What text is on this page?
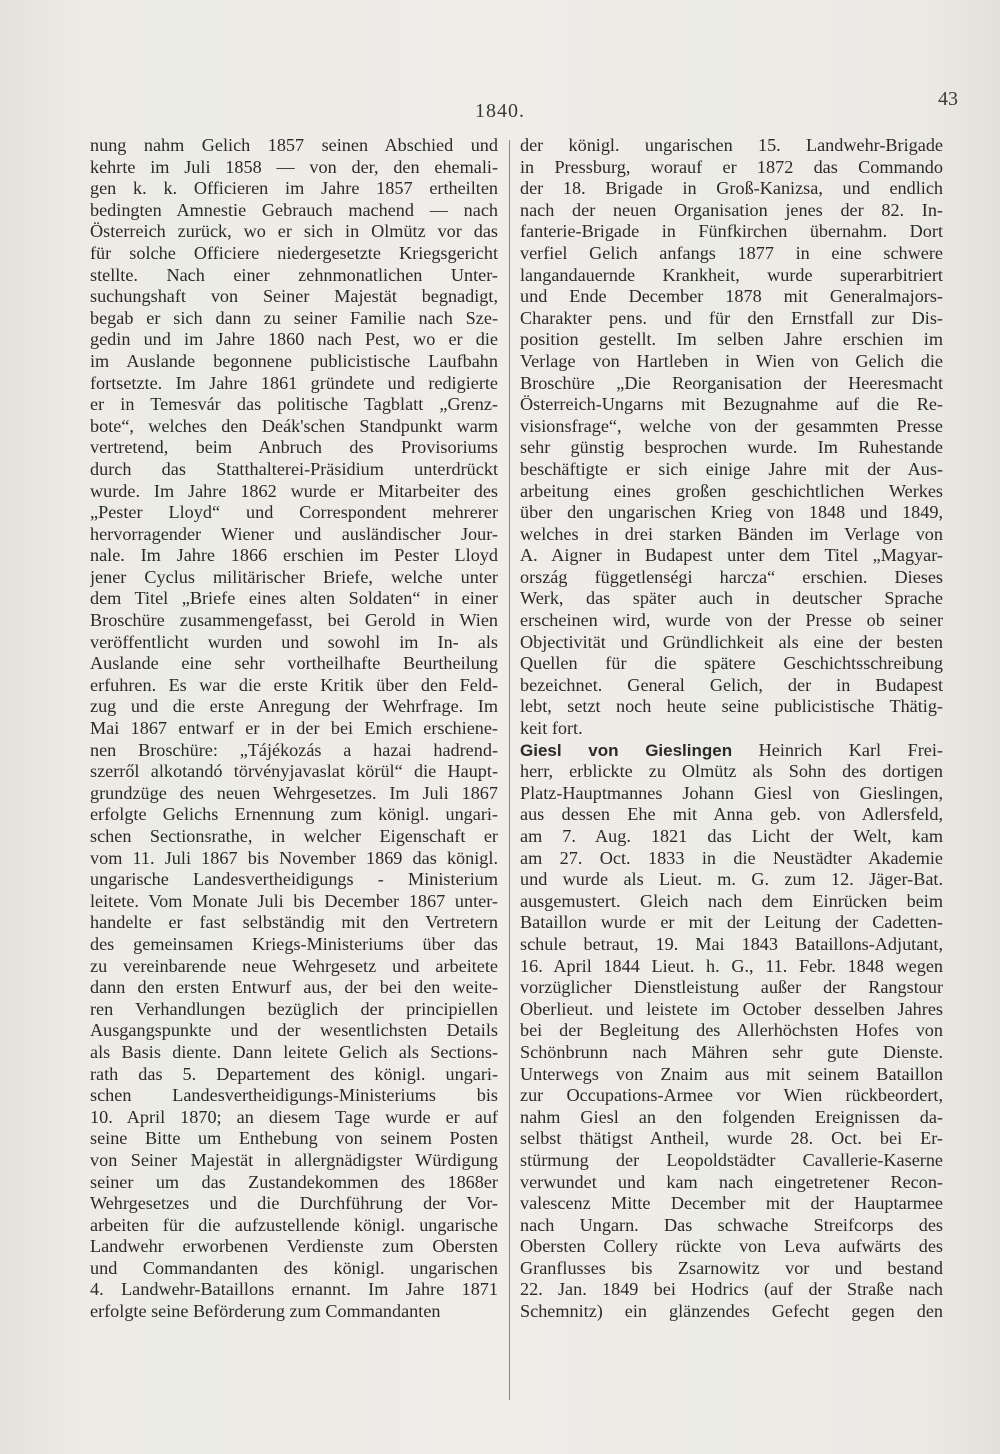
1840.
43
nung nahm Gelich 1857 seinen Abschied und
kehrte im Juli 1858 — von der, den ehemali-
gen k. k. Officieren im Jahre 1857 ertheilten
bedingten Amnestie Gebrauch machend — nach
Österreich zurück, wo er sich in Olmütz vor das
für solche Officiere niedergesetzte Kriegsgericht
stellte. Nach einer zehnmonatlichen Unter-
suchungshaft von Seiner Majestät begnadigt,
begab er sich dann zu seiner Familie nach Sze-
gedin und im Jahre 1860 nach Pest, wo er die
im Auslande begonnene publicistische Laufbahn
fortsetzte. Im Jahre 1861 gründete und redigierte
er in Temesvár das politische Tagblatt „Grenz-
bote“, welches den Deák'schen Standpunkt warm
vertretend, beim Anbruch des Provisoriums
durch das Statthalterei-Präsidium unterdrückt
wurde. Im Jahre 1862 wurde er Mitarbeiter des
„Pester Lloyd“ und Correspondent mehrerer
hervorragender Wiener und ausländischer Jour-
nale. Im Jahre 1866 erschien im Pester Lloyd
jener Cyclus militärischer Briefe, welche unter
dem Titel „Briefe eines alten Soldaten“ in einer
Broschüre zusammengefasst, bei Gerold in Wien
veröffentlicht wurden und sowohl im In- als
Auslande eine sehr vortheilhafte Beurtheilung
erfuhren. Es war die erste Kritik über den Feld-
zug und die erste Anregung der Wehrfrage. Im
Mai 1867 entwarf er in der bei Emich erschiene-
nen Broschüre: „Tájékozás a hazai hadrend-
szerről alkotandó törvényjavaslat körül“ die Haupt-
grundzüge des neuen Wehrgesetzes. Im Juli 1867
erfolgte Gelichs Ernennung zum königl. ungari-
schen Sectionsrathe, in welcher Eigenschaft er
vom 11. Juli 1867 bis November 1869 das königl.
ungarische Landesvertheidigungs - Ministerium
leitete. Vom Monate Juli bis December 1867 unter-
handelte er fast selbständig mit den Vertretern
des gemeinsamen Kriegs-Ministeriums über das
zu vereinbarende neue Wehrgesetz und arbeitete
dann den ersten Entwurf aus, der bei den weite-
ren Verhandlungen bezüglich der principiellen
Ausgangspunkte und der wesentlichsten Details
als Basis diente. Dann leitete Gelich als Sections-
rath das 5. Departement des königl. ungari-
schen Landesvertheidigungs-Ministeriums bis
10. April 1870; an diesem Tage wurde er auf
seine Bitte um Enthebung von seinem Posten
von Seiner Majestät in allergnädigster Würdigung
seiner um das Zustandekommen des 1868er
Wehrgesetzes und die Durchführung der Vor-
arbeiten für die aufzustellende königl. ungarische
Landwehr erworbenen Verdienste zum Obersten
und Commandanten des königl. ungarischen
4. Landwehr-Bataillons ernannt. Im Jahre 1871
erfolgte seine Beförderung zum Commandanten
der königl. ungarischen 15. Landwehr-Brigade
in Pressburg, worauf er 1872 das Commando
der 18. Brigade in Groß-Kanizsa, und endlich
nach der neuen Organisation jenes der 82. In-
fanterie-Brigade in Fünfkirchen übernahm. Dort
verfiel Gelich anfangs 1877 in eine schwere
langandauernde Krankheit, wurde superarbitriert
und Ende December 1878 mit Generalmajors-
Charakter pens. und für den Ernstfall zur Dis-
position gestellt. Im selben Jahre erschien im
Verlage von Hartleben in Wien von Gelich die
Broschüre „Die Reorganisation der Heeresmacht
Österreich-Ungarns mit Bezugnahme auf die Re-
visionsfrage“, welche von der gesammten Presse
sehr günstig besprochen wurde. Im Ruhestande
beschäftigte er sich einige Jahre mit der Aus-
arbeitung eines großen geschichtlichen Werkes
über den ungarischen Krieg von 1848 und 1849,
welches in drei starken Bänden im Verlage von
A. Aigner in Budapest unter dem Titel „Magyar-
ország függetlenségi harcza“ erschien. Dieses
Werk, das später auch in deutscher Sprache
erscheinen wird, wurde von der Presse ob seiner
Objectivität und Gründlichkeit als eine der besten
Quellen für die spätere Geschichtsschreibung
bezeichnet. General Gelich, der in Budapest
lebt, setzt noch heute seine publicistische Thätig-
keit fort.
Giesl von Gieslingen Heinrich Karl Frei-
herr, erblickte zu Olmütz als Sohn des dortigen
Platz-Hauptmannes Johann Giesl von Gieslingen,
aus dessen Ehe mit Anna geb. von Adlersfeld,
am 7. Aug. 1821 das Licht der Welt, kam
am 27. Oct. 1833 in die Neustädter Akademie
und wurde als Lieut. m. G. zum 12. Jäger-Bat.
ausgemustert. Gleich nach dem Einrücken beim
Bataillon wurde er mit der Leitung der Cadetten-
schule betraut, 19. Mai 1843 Bataillons-Adjutant,
16. April 1844 Lieut. h. G., 11. Febr. 1848 wegen
vorzüglicher Dienstleistung außer der Rangstour
Oberlieut. und leistete im October desselben Jahres
bei der Begleitung des Allerhöchsten Hofes von
Schönbrunn nach Mähren sehr gute Dienste.
Unterwegs von Znaim aus mit seinem Bataillon
zur Occupations-Armee vor Wien rückbeordert,
nahm Giesl an den folgenden Ereignissen da-
selbst thätigst Antheil, wurde 28. Oct. bei Er-
stürmung der Leopoldstädter Cavallerie-Kaserne
verwundet und kam nach eingetretener Recon-
valescenz Mitte December mit der Hauptarmee
nach Ungarn. Das schwache Streifcorps des
Obersten Collery rückte von Leva aufwärts des
Granflusses bis Zsarnowitz vor und bestand
22. Jan. 1849 bei Hodrics (auf der Straße nach
Schemnitz) ein glänzendes Gefecht gegen den
